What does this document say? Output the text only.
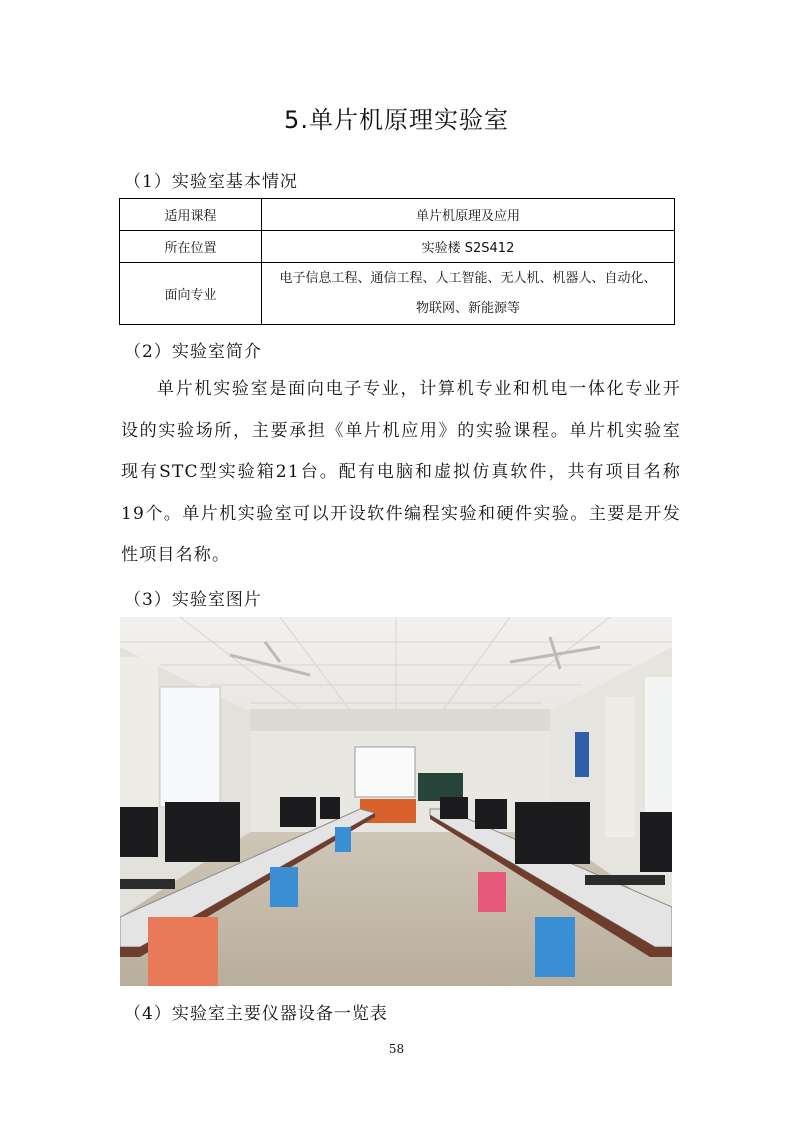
5.单片机原理实验室
（1）实验室基本情况
适用课程	单片机原理及应用
所在位置	实验楼 S2S412
面向专业	电子信息工程、通信工程、人工智能、无人机、机器人、自动化、
物联网、新能源等
（2）实验室简介
单片机实验室是面向电子专业，计算机专业和机电一体化专业开设的实验场所，主要承担《单片机应用》的实验课程。单片机实验室现有STC型实验箱21台。配有电脑和虚拟仿真软件，共有项目名称19个。单片机实验室可以开设软件编程实验和硬件实验。主要是开发性项目名称。
（3）实验室图片
（4）实验室主要仪器设备一览表
58
